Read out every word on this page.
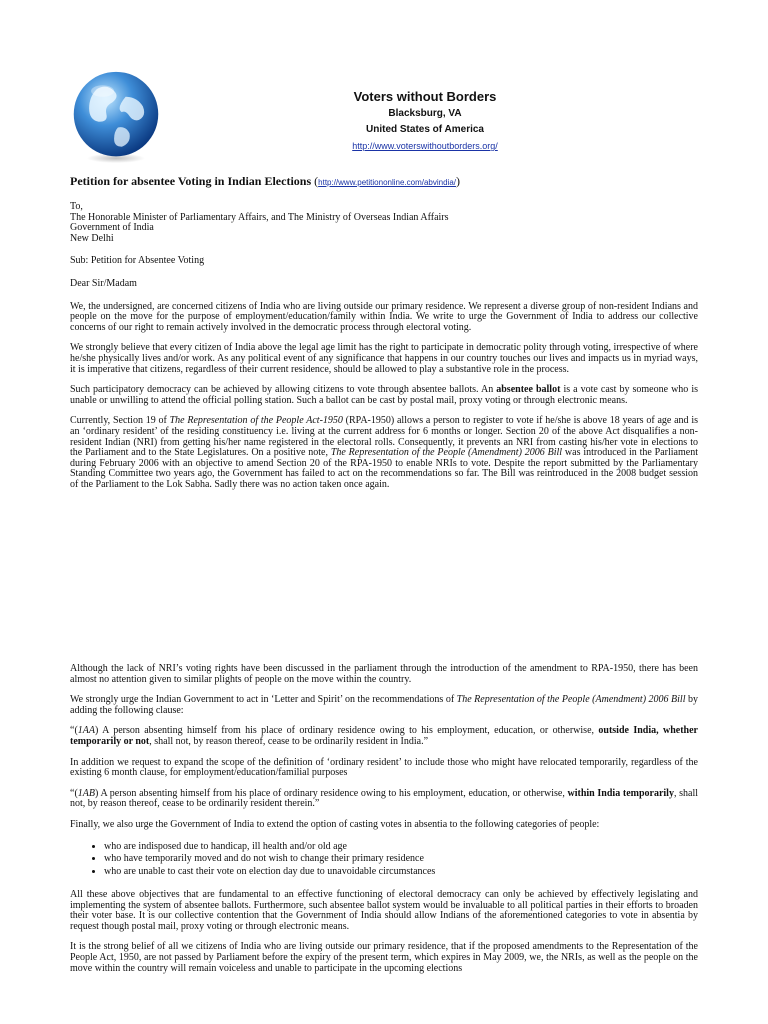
Voters without Borders
Blacksburg, VA
United States of America
http://www.voterswithoutborders.org/
Petition for absentee Voting in Indian Elections (http://www.petitiononline.com/abvindia/)
To,
The Honorable Minister of Parliamentary Affairs, and The Ministry of Overseas Indian Affairs
Government of India
New Delhi

Sub: Petition for Absentee Voting

Dear Sir/Madam

We, the undersigned, are concerned citizens of India who are living outside our primary residence. We represent a diverse group of non-resident Indians and people on the move for the purpose of employment/education/family within India. We write to urge the Government of India to address our collective concerns of our right to remain actively involved in the democratic process through electoral voting.

We strongly believe that every citizen of India above the legal age limit has the right to participate in democratic polity through voting, irrespective of where he/she physically lives and/or work. As any political event of any significance that happens in our country touches our lives and impacts us in myriad ways, it is imperative that citizens, regardless of their current residence, should be allowed to play a substantive role in the process.

Such participatory democracy can be achieved by allowing citizens to vote through absentee ballots. An absentee ballot is a vote cast by someone who is unable or unwilling to attend the official polling station. Such a ballot can be cast by postal mail, proxy voting or through electronic means.

Currently, Section 19 of The Representation of the People Act-1950 (RPA-1950) allows a person to register to vote if he/she is above 18 years of age and is an ‘ordinary resident’ of the residing constituency i.e. living at the current address for 6 months or longer. Section 20 of the above Act disqualifies a non-resident Indian (NRI) from getting his/her name registered in the electoral rolls. Consequently, it prevents an NRI from casting his/her vote in elections to the Parliament and to the State Legislatures. On a positive note, The Representation of the People (Amendment) 2006 Bill was introduced in the Parliament during February 2006 with an objective to amend Section 20 of the RPA-1950 to enable NRIs to vote. Despite the report submitted by the Parliamentary Standing Committee two years ago, the Government has failed to act on the recommendations so far. The Bill was reintroduced in the 2008 budget session of the Parliament to the Lok Sabha. Sadly there was no action taken once again.

Although the lack of NRI’s voting rights have been discussed in the parliament through the introduction of the amendment to RPA-1950, there has been almost no attention given to similar plights of people on the move within the country.

We strongly urge the Indian Government to act in ‘Letter and Spirit’ on the recommendations of The Representation of the People (Amendment) 2006 Bill by adding the following clause:

“(1AA) A person absenting himself from his place of ordinary residence owing to his employment, education, or otherwise, outside India, whether temporarily or not, shall not, by reason thereof, cease to be ordinarily resident in India.”

In addition we request to expand the scope of the definition of ‘ordinary resident’ to include those who might have relocated temporarily, regardless of the existing 6 month clause, for employment/education/familial purposes

“(1AB) A person absenting himself from his place of ordinary residence owing to his employment, education, or otherwise, within India temporarily, shall not, by reason thereof, cease to be ordinarily resident therein.”

Finally, we also urge the Government of India to extend the option of casting votes in absentia to the following categories of people:

• who are indisposed due to handicap, ill health and/or old age
• who have temporarily moved and do not wish to change their primary residence
• who are unable to cast their vote on election day due to unavoidable circumstances

All these above objectives that are fundamental to an effective functioning of electoral democracy can only be achieved by effectively legislating and implementing the system of absentee ballots. Furthermore, such absentee ballot system would be invaluable to all political parties in their efforts to broaden their voter base. It is our collective contention that the Government of India should allow Indians of the aforementioned categories to vote in absentia by request though postal mail, proxy voting or through electronic means.

It is the strong belief of all we citizens of India who are living outside our primary residence, that if the proposed amendments to the Representation of the People Act, 1950, are not passed by Parliament before the expiry of the present term, which expires in May 2009, we, the NRIs, as well as the people on the move within the country will remain voiceless and unable to participate in the upcoming elections
